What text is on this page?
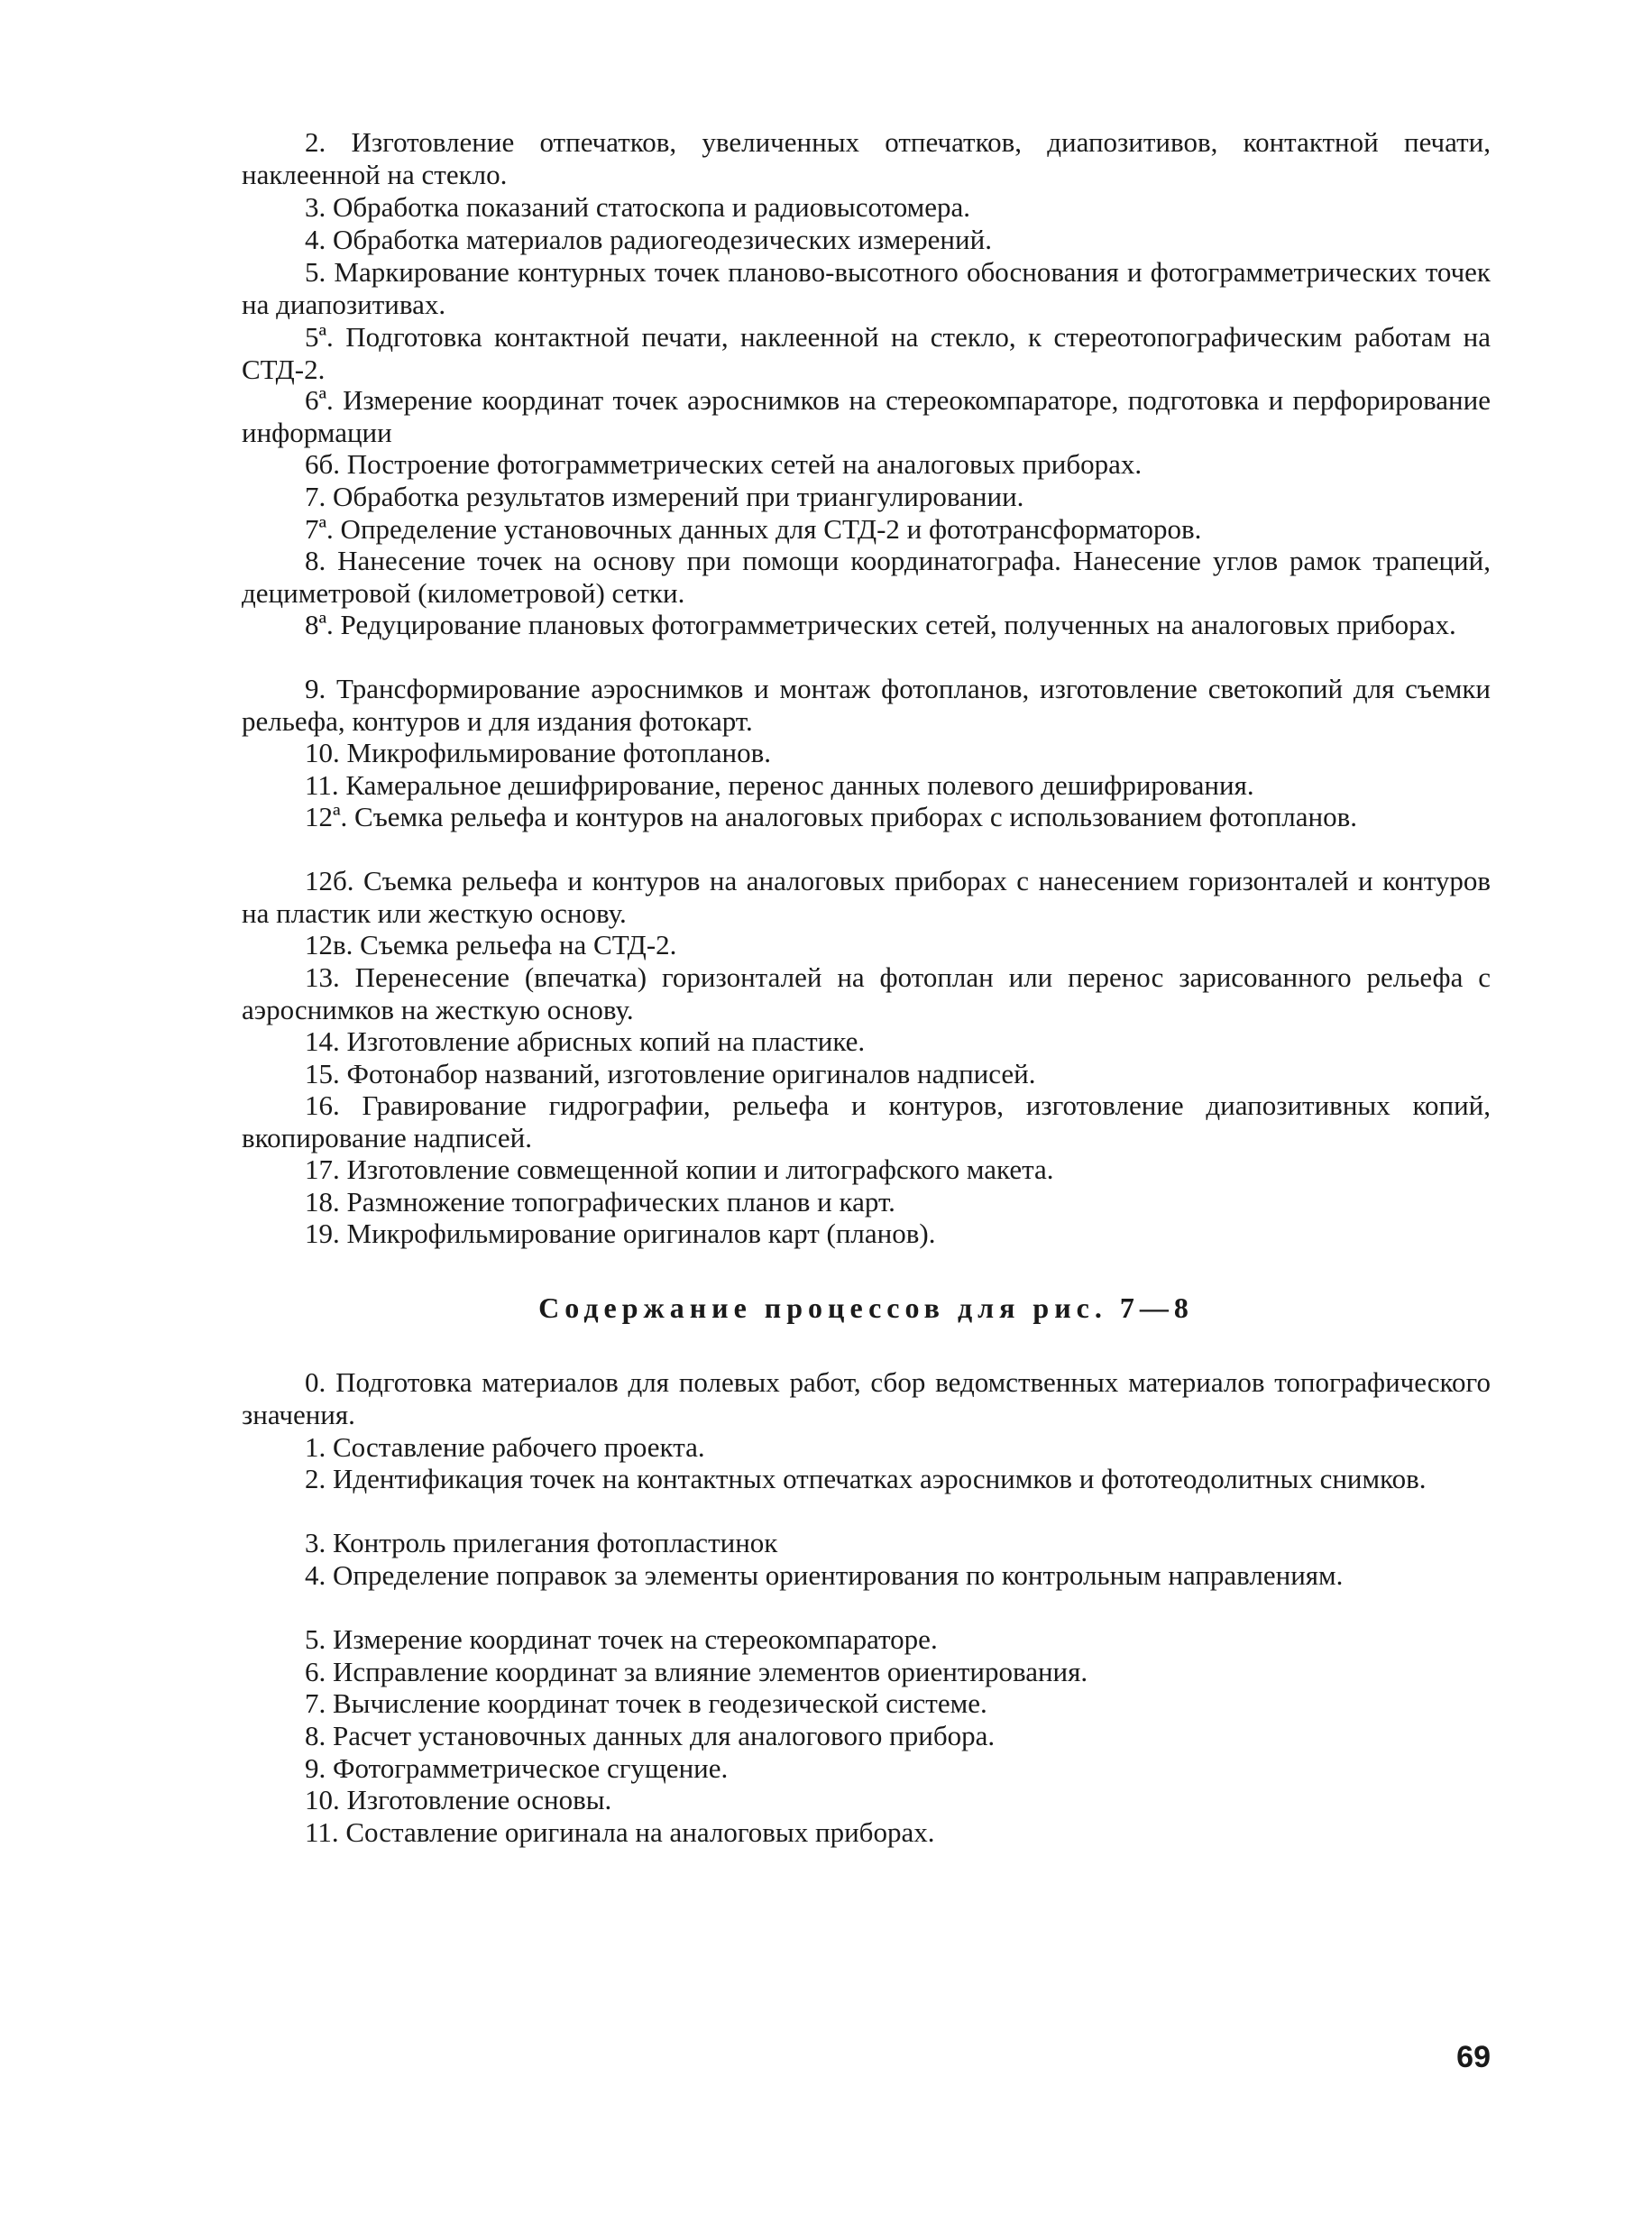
2. Изготовление отпечатков, увеличенных отпечатков, диапозитивов, контактной печати, наклеенной на стекло.

3. Обработка показаний статоскопа и радиовысотомера.

4. Обработка материалов радиогеодезических измерений.

5. Маркирование контурных точек планово-высотного обоснования и фотограмметрических точек на диапозитивах.

5ª. Подготовка контактной печати, наклеенной на стекло, к стереотопографическим работам на СТД-2.

6ª. Измерение координат точек аэроснимков на стереокомпараторе, подготовка и перфорирование информации

6б. Построение фотограмметрических сетей на аналоговых приборах.

7. Обработка результатов измерений при триангулировании.

7ª. Определение установочных данных для СТД-2 и фототрансформаторов.

8. Нанесение точек на основу при помощи координатографа. Нанесение углов рамок трапеций, дециметровой (километровой) сетки.

8ª. Редуцирование плановых фотограмметрических сетей, полученных на аналоговых приборах.

9. Трансформирование аэроснимков и монтаж фотопланов, изготовление светокопий для съемки рельефа, контуров и для издания фотокарт.

10. Микрофильмирование фотопланов.

11. Камеральное дешифрирование, перенос данных полевого дешифрирования.

12ª. Съемка рельефа и контуров на аналоговых приборах с использованием фотопланов.

12б. Съемка рельефа и контуров на аналоговых приборах с нанесением горизонталей и контуров на пластик или жесткую основу.

12в. Съемка рельефа на СТД-2.

13. Перенесение (впечатка) горизонталей на фотоплан или перенос зарисованного рельефа с аэроснимков на жесткую основу.

14. Изготовление абрисных копий на пластике.

15. Фотонабор названий, изготовление оригиналов надписей.

16. Гравирование гидрографии, рельефа и контуров, изготовление диапозитивных копий, вкопирование надписей.

17. Изготовление совмещенной копии и литографского макета.

18. Размножение топографических планов и карт.

19. Микрофильмирование оригиналов карт (планов).

Содержание процессов для рис. 7—8

0. Подготовка материалов для полевых работ, сбор ведомственных материалов топографического значения.

1. Составление рабочего проекта.

2. Идентификация точек на контактных отпечатках аэроснимков и фототеодолитных снимков.

3. Контроль прилегания фотопластинок

4. Определение поправок за элементы ориентирования по контрольным направлениям.

5. Измерение координат точек на стереокомпараторе.

6. Исправление координат за влияние элементов ориентирования.

7. Вычисление координат точек в геодезической системе.

8. Расчет установочных данных для аналогового прибора.

9. Фотограмметрическое сгущение.

10. Изготовление основы.

11. Составление оригинала на аналоговых приборах.

69
